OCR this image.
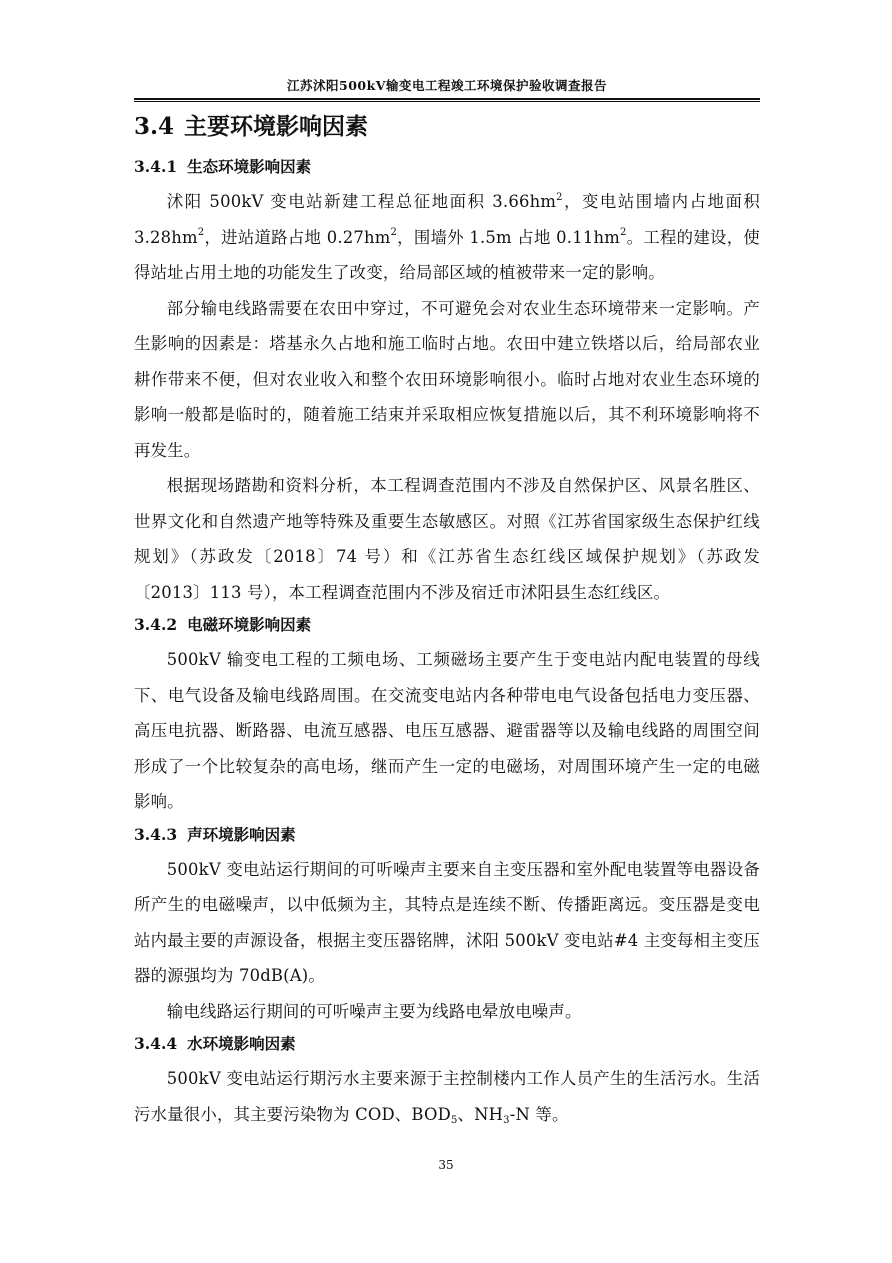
江苏沭阳500kV输变电工程竣工环境保护验收调查报告
3.4 主要环境影响因素
3.4.1 生态环境影响因素

沭阳 500kV 变电站新建工程总征地面积 $3.66hm^2$，变电站围墙内占地面积 $3.28hm^2$，进站道路占地 $0.27hm^2$，围墙外 1.5m 占地 $0.11hm^2$。工程的建设，使得站址占用土地的功能发生了改变，给局部区域的植被带来一定的影响。

部分输电线路需要在农田中穿过，不可避免会对农业生态环境带来一定影响。产生影响的因素是：塔基永久占地和施工临时占地。农田中建立铁塔以后，给局部农业耕作带来不便，但对农业收入和整个农田环境影响很小。临时占地对农业生态环境的影响一般都是临时的，随着施工结束并采取相应恢复措施以后，其不利环境影响将不再发生。

根据现场踏勘和资料分析，本工程调查范围内不涉及自然保护区、风景名胜区、世界文化和自然遗产地等特殊及重要生态敏感区。对照《江苏省国家级生态保护红线规划》（苏政发〔2018〕74 号）和《江苏省生态红线区域保护规划》（苏政发〔2013〕113 号），本工程调查范围内不涉及宿迁市沭阳县生态红线区。

3.4.2 电磁环境影响因素

500kV 输变电工程的工频电场、工频磁场主要产生于变电站内配电装置的母线下、电气设备及输电线路周围。在交流变电站内各种带电电气设备包括电力变压器、高压电抗器、断路器、电流互感器、电压互感器、避雷器等以及输电线路的周围空间形成了一个比较复杂的高电场，继而产生一定的电磁场，对周围环境产生一定的电磁影响。

3.4.3 声环境影响因素

500kV 变电站运行期间的可听噪声主要来自主变压器和室外配电装置等电器设备所产生的电磁噪声，以中低频为主，其特点是连续不断、传播距离远。变压器是变电站内最主要的声源设备，根据主变压器铭牌，沭阳 500kV 变电站#4 主变每相主变压器的源强均为 70dB(A)。

输电线路运行期间的可听噪声主要为线路电晕放电噪声。

3.4.4 水环境影响因素

500kV 变电站运行期污水主要来源于主控制楼内工作人员产生的生活污水。生活污水量很小，其主要污染物为 COD、BOD5、NH3-N 等。

35
